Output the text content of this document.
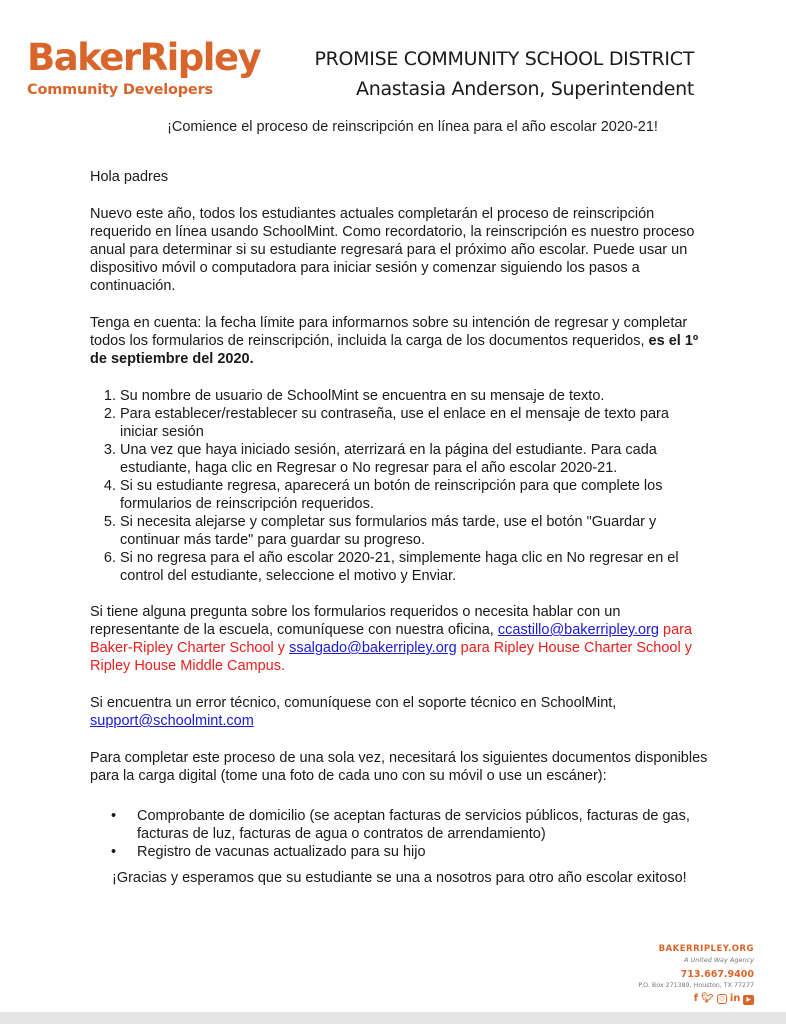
BakerRipley
Community Developers
PROMISE COMMUNITY SCHOOL DISTRICT
Anastasia Anderson, Superintendent
¡Comience el proceso de reinscripción en línea para el año escolar 2020-21!

Hola padres

Nuevo este año, todos los estudiantes actuales completarán el proceso de reinscripción requerido en línea usando SchoolMint. Como recordatorio, la reinscripción es nuestro proceso anual para determinar si su estudiante regresará para el próximo año escolar. Puede usar un dispositivo móvil o computadora para iniciar sesión y comenzar siguiendo los pasos a continuación.

Tenga en cuenta: la fecha límite para informarnos sobre su intención de regresar y completar todos los formularios de reinscripción, incluida la carga de los documentos requeridos, es el 1º de septiembre del 2020.

1. Su nombre de usuario de SchoolMint se encuentra en su mensaje de texto.
2. Para establecer/restablecer su contraseña, use el enlace en el mensaje de texto para iniciar sesión
3. Una vez que haya iniciado sesión, aterrizará en la página del estudiante. Para cada estudiante, haga clic en Regresar o No regresar para el año escolar 2020-21.
4. Si su estudiante regresa, aparecerá un botón de reinscripción para que complete los formularios de reinscripción requeridos.
5. Si necesita alejarse y completar sus formularios más tarde, use el botón "Guardar y continuar más tarde" para guardar su progreso.
6. Si no regresa para el año escolar 2020-21, simplemente haga clic en No regresar en el control del estudiante, seleccione el motivo y Enviar.

Si tiene alguna pregunta sobre los formularios requeridos o necesita hablar con un representante de la escuela, comuníquese con nuestra oficina, ccastillo@bakerripley.org para Baker-Ripley Charter School y ssalgado@bakerripley.org para Ripley House Charter School y Ripley House Middle Campus.

Si encuentra un error técnico, comuníquese con el soporte técnico en SchoolMint,
support@schoolmint.com

Para completar este proceso de una sola vez, necesitará los siguientes documentos disponibles para la carga digital (tome una foto de cada uno con su móvil o use un escáner):

• Comprobante de domicilio (se aceptan facturas de servicios públicos, facturas de gas, facturas de luz, facturas de agua o contratos de arrendamiento)
• Registro de vacunas actualizado para su hijo

¡Gracias y esperamos que su estudiante se una a nosotros para otro año escolar exitoso!

BAKERRIPLEY.ORG
A United Way Agency
713.667.9400
P.O. Box 271389, Houston, TX 77277
f 🐦︎ ○ in	▶
